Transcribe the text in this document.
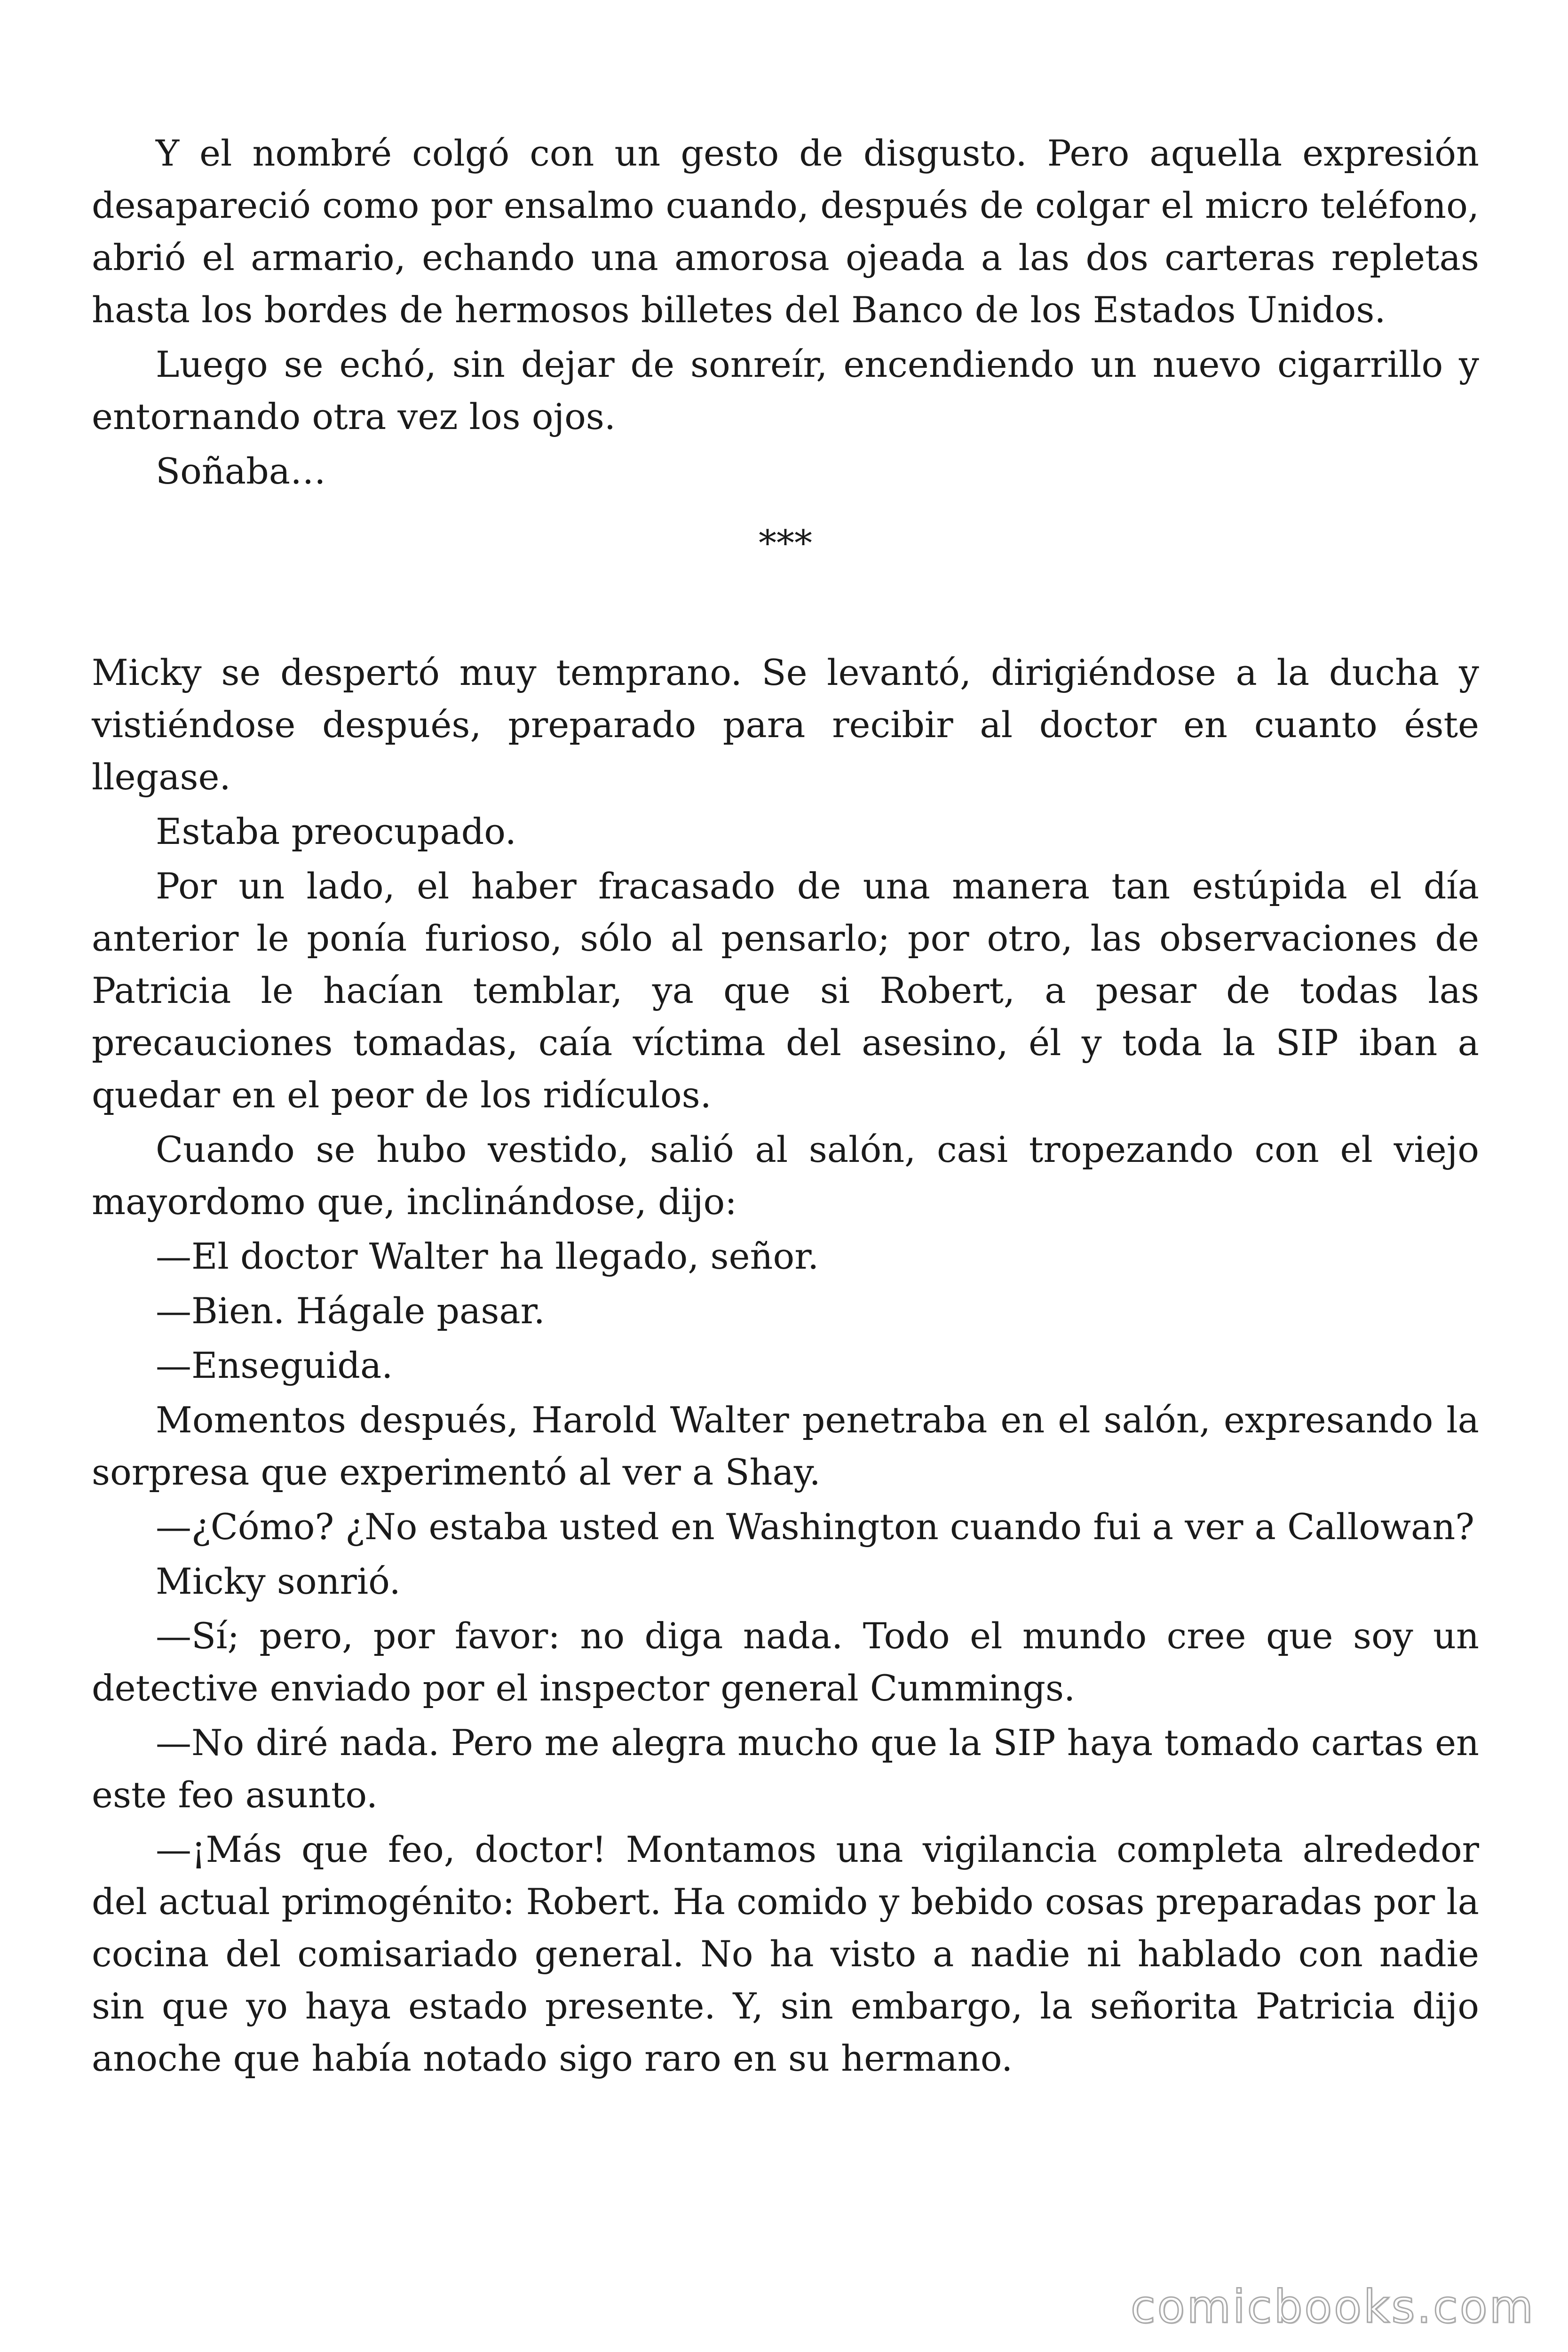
Y el nombré colgó con un gesto de disgusto. Pero aquella expresión desapareció como por ensalmo cuando, después de colgar el micro teléfono, abrió el armario, echando una amorosa ojeada a las dos carteras repletas hasta los bordes de hermosos billetes del Banco de los Estados Unidos.

Luego se echó, sin dejar de sonreír, encendiendo un nuevo cigarrillo y entornando otra vez los ojos.

Soñaba…

***

Micky se despertó muy temprano. Se levantó, dirigiéndose a la ducha y vistiéndose después, preparado para recibir al doctor en cuanto éste llegase.

Estaba preocupado.

Por un lado, el haber fracasado de una manera tan estúpida el día anterior le ponía furioso, sólo al pensarlo; por otro, las observaciones de Patricia le hacían temblar, ya que si Robert, a pesar de todas las precauciones tomadas, caía víctima del asesino, él y toda la SIP iban a quedar en el peor de los ridículos.

Cuando se hubo vestido, salió al salón, casi tropezando con el viejo mayordomo que, inclinándose, dijo:

—El doctor Walter ha llegado, señor.

—Bien. Hágale pasar.

—Enseguida.

Momentos después, Harold Walter penetraba en el salón, expresando la sorpresa que experimentó al ver a Shay.

—¿Cómo? ¿No estaba usted en Washington cuando fui a ver a Callowan?

Micky sonrió.

—Sí; pero, por favor: no diga nada. Todo el mundo cree que soy un detective enviado por el inspector general Cummings.

—No diré nada. Pero me alegra mucho que la SIP haya tomado cartas en este feo asunto.

—¡Más que feo, doctor! Montamos una vigilancia completa alrededor del actual primogénito: Robert. Ha comido y bebido cosas preparadas por la cocina del comisariado general. No ha visto a nadie ni hablado con nadie sin que yo haya estado presente. Y, sin embargo, la señorita Patricia dijo anoche que había notado sigo raro en su hermano.

comicbooks.com
